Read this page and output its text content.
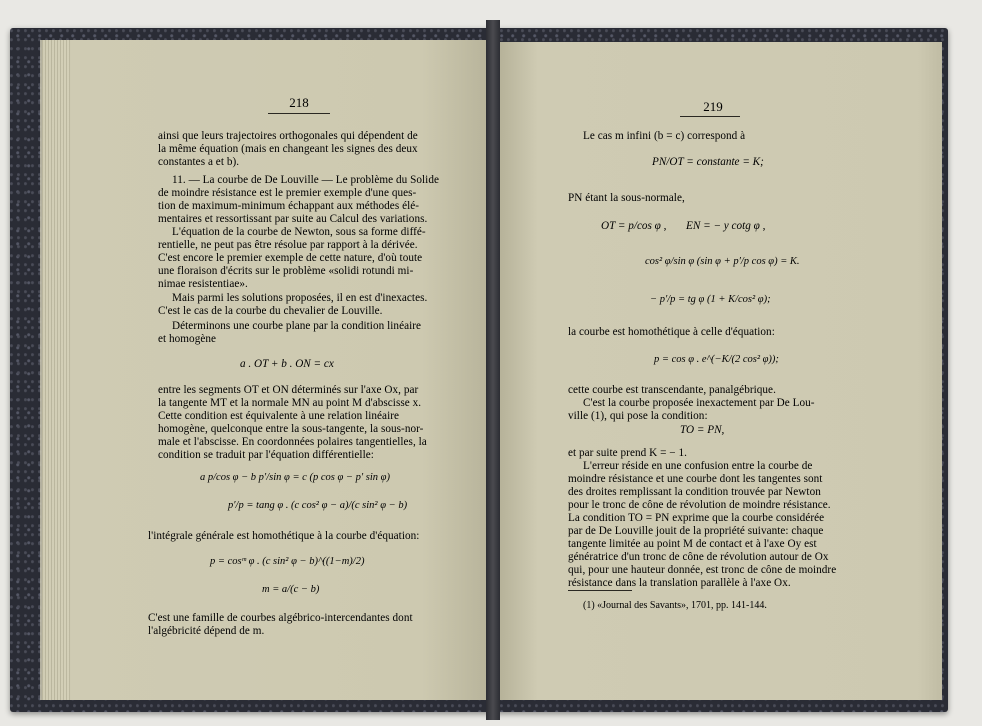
218
ainsi que leurs trajectoires orthogonales qui dépendent de
la même équation (mais en changeant les signes des deux
constantes a et b).
11. — La courbe de De Louville — Le problème du Solide
de moindre résistance est le premier exemple d'une ques-
tion de maximum-minimum échappant aux méthodes élé-
mentaires et ressortissant par suite au Calcul des variations.
L'équation de la courbe de Newton, sous sa forme diffé-
rentielle, ne peut pas être résolue par rapport à la dérivée.
C'est encore le premier exemple de cette nature, d'où toute
une floraison d'écrits sur le problème «solidi rotundi mi-
nimae resistentiae».
Mais parmi les solutions proposées, il en est d'inexactes.
C'est le cas de la courbe du chevalier de Louville.
Déterminons une courbe plane par la condition linéaire
et homogène
a . OT + b . ON = cx
entre les segments OT et ON déterminés sur l'axe Ox, par
la tangente MT et la normale MN au point M d'abscisse x.
Cette condition est équivalente à une relation linéaire
homogène, quelconque entre la sous-tangente, la sous-nor-
male et l'abscisse. En coordonnées polaires tangentielles, la
condition se traduit par l'équation différentielle:
a p/cos φ − b p′/sin φ = c (p cos φ − p′ sin φ)
p′/p = tang φ . (c cos² φ − a)/(c sin² φ − b)
l'intégrale générale est homothétique à la courbe d'équation:
p = cosᵐ φ . (c sin² φ − b)^((1−m)/2)
m = a/(c − b)
C'est une famille de courbes algébrico-intercendantes dont
l'algébricité dépend de m.
219
Le cas m infini (b = c) correspond à
PN/OT = constante = K;
PN étant la sous-normale,
OT = p/cos φ , EN = − y cotg φ ,
cos² φ/sin φ (sin φ + p′/p cos φ) = K.
− p′/p = tg φ (1 + K/cos² φ);
la courbe est homothétique à celle d'équation:
p = cos φ . e^(−K/(2 cos² φ));
cette courbe est transcendante, panalgébrique.
C'est la courbe proposée inexactement par De Lou-
ville (1), qui pose la condition:
TO = PN,
et par suite prend K = − 1.
L'erreur réside en une confusion entre la courbe de
moindre résistance et une courbe dont les tangentes sont
des droites remplissant la condition trouvée par Newton
pour le tronc de cône de révolution de moindre résistance.
La condition TO = PN exprime que la courbe considérée
par de De Louville jouit de la propriété suivante: chaque
tangente limitée au point M de contact et à l'axe Oy est
génératrice d'un tronc de cône de révolution autour de Ox
qui, pour une hauteur donnée, est tronc de cône de moindre
résistance dans la translation parallèle à l'axe Ox.
(1) «Journal des Savants», 1701, pp. 141-144.
